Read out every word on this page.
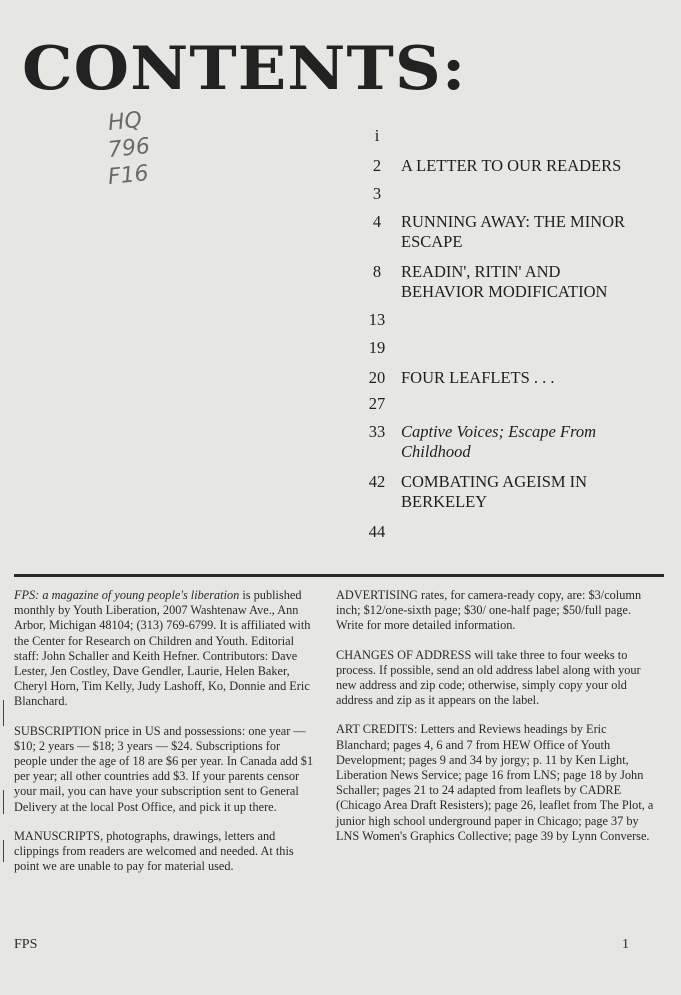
CONTENTS:
HQ
796
F16
i
2	A LETTER TO OUR READERS
3
4	RUNNING AWAY: THE MINOR ESCAPE
8	READIN', RITIN' AND BEHAVIOR MODIFICATION
13
19
20 FOUR LEAFLETS . . .
27
33 Captive Voices; Escape From Childhood
42 COMBATING AGEISM IN BERKELEY
44

FPS: a magazine of young people's liberation is published monthly by Youth Liberation, 2007 Washtenaw Ave., Ann Arbor, Michigan 48104; (313) 769-6799. It is affiliated with the Center for Research on Children and Youth. Editorial staff: John Schaller and Keith Hefner. Contributors: Dave Lester, Jen Costley, Dave Gendler, Laurie, Helen Baker, Cheryl Horn, Tim Kelly, Judy Lashoff, Ko, Donnie and Eric Blanchard.

SUBSCRIPTION price in US and possessions: one year — $10; 2 years — $18; 3 years — $24. Subscriptions for people under the age of 18 are $6 per year. In Canada add $1 per year; all other countries add $3. If your parents censor your mail, you can have your subscription sent to General Delivery at the local Post Office, and pick it up there.

MANUSCRIPTS, photographs, drawings, letters and clippings from readers are welcomed and needed. At this point we are unable to pay for material used.

ADVERTISING rates, for camera-ready copy, are: $3/column inch; $12/one-sixth page; $30/ one-half page; $50/full page. Write for more detailed information.

CHANGES OF ADDRESS will take three to four weeks to process. If possible, send an old address label along with your new address and zip code; otherwise, simply copy your old address and zip as it appears on the label.

ART CREDITS: Letters and Reviews headings by Eric Blanchard; pages 4, 6 and 7 from HEW Office of Youth Development; pages 9 and 34 by jorgy; p. 11 by Ken Light, Liberation News Service; page 16 from LNS; page 18 by John Schaller; pages 21 to 24 adapted from leaflets by CADRE (Chicago Area Draft Resisters); page 26, leaflet from The Plot, a junior high school underground paper in Chicago; page 37 by LNS Women's Graphics Collective; page 39 by Lynn Converse.

FPS	1
